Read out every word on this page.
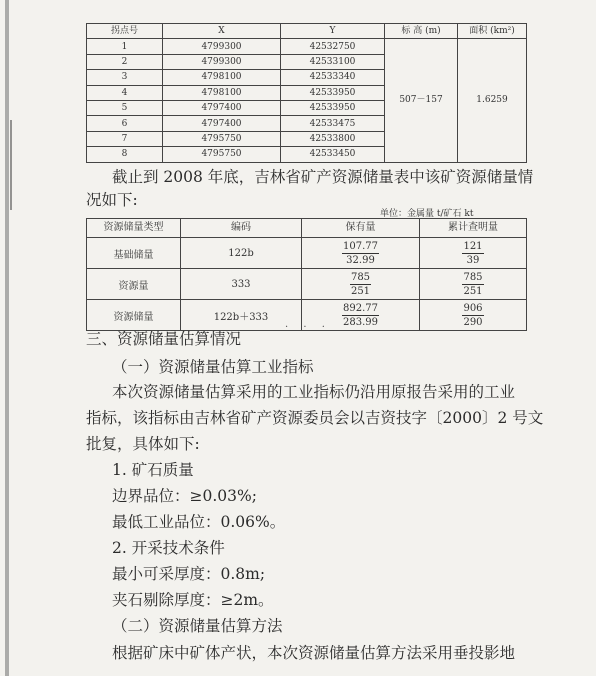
拐点号	X	Y	标 高 (m)	面积 (km²)
1	4799300	42532750	507－157	1.6259
2	4799300	42533100		
3	4798100	42533340		
4	4798100	42533950		
5	4797400	42533950		
6	4797400	42533475		
7	4795750	42533800		
8	4795750	42533450		
截止到 2008 年底，吉林省矿产资源储量表中该矿资源储量情
况如下:
单位：金属量 t/矿石 kt
资源储量类型	编码	保有量	累计查明量
基础储量	122b	$\frac{107.77}{32.99}$	$\frac{121}{39}$

资源量	333	$\frac{785}{251}$	$\frac{785}{251}$

资源储量	122b＋333	$\frac{892.77}{283.99}$	$\frac{906}{290}$
三、资源储量估算情况
· · ·
（一）资源储量估算工业指标
本次资源储量估算采用的工业指标仍沿用原报告采用的工业
指标，该指标由吉林省矿产资源委员会以吉资技字〔2000〕2 号文
批复，具体如下:
1. 矿石质量
边界品位：≥0.03%;
最低工业品位：0.06%。
2. 开采技术条件
最小可采厚度：0.8m;
夹石剔除厚度：≥2m。
（二）资源储量估算方法
根据矿床中矿体产状，本次资源储量估算方法采用垂投影地
